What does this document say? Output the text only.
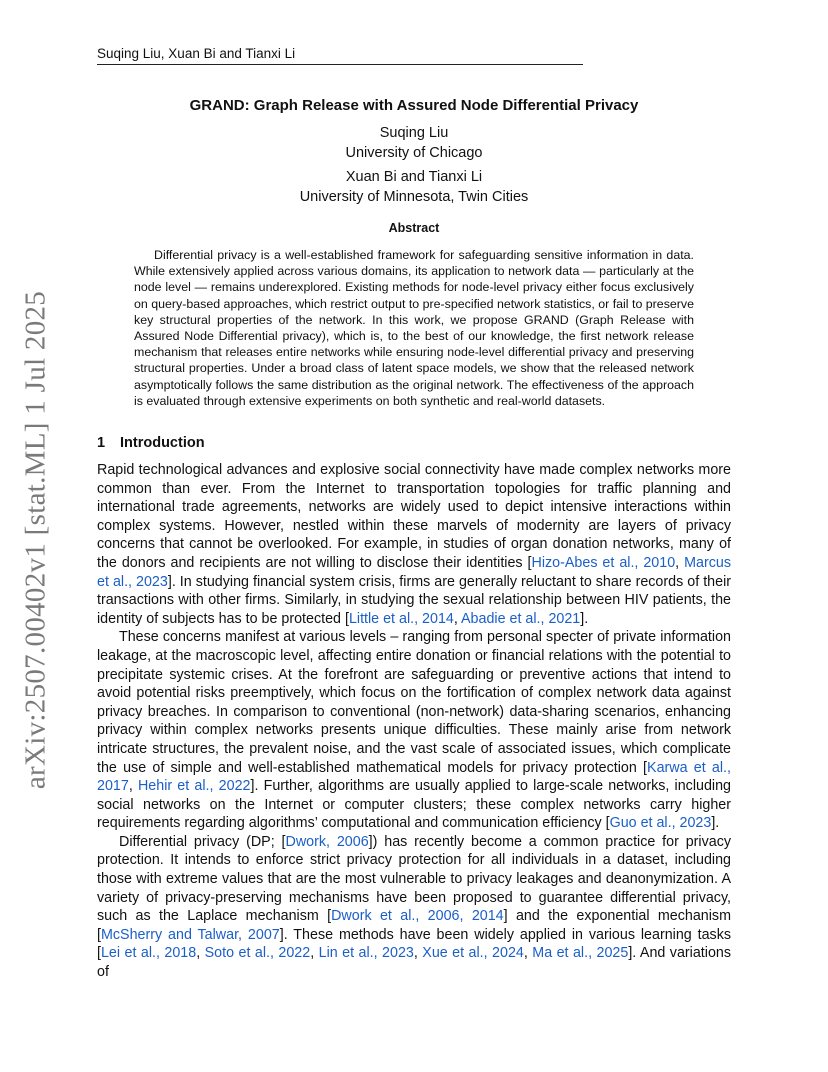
Suqing Liu, Xuan Bi and Tianxi Li
arXiv:2507.00402v1 [stat.ML] 1 Jul 2025
GRAND: Graph Release with Assured Node Differential Privacy
Suqing Liu
University of Chicago
Xuan Bi and Tianxi Li
University of Minnesota, Twin Cities
Abstract

Differential privacy is a well-established framework for safeguarding sensitive information in data. While extensively applied across various domains, its application to network data — particularly at the node level — remains underexplored. Existing methods for node-level privacy either focus exclusively on query-based approaches, which restrict output to pre-specified network statistics, or fail to preserve key structural properties of the network. In this work, we propose GRAND (Graph Release with Assured Node Differential privacy), which is, to the best of our knowledge, the first network release mechanism that releases entire networks while ensuring node-level differential privacy and preserving structural properties. Under a broad class of latent space models, we show that the released network asymptotically follows the same distribution as the original network. The effectiveness of the approach is evaluated through extensive experiments on both synthetic and real-world datasets.

1 Introduction

Rapid technological advances and explosive social connectivity have made complex networks more common than ever. From the Internet to transportation topologies for traffic planning and international trade agreements, networks are widely used to depict intensive interactions within complex systems. However, nestled within these marvels of modernity are layers of privacy concerns that cannot be overlooked. For example, in studies of organ donation networks, many of the donors and recipients are not willing to disclose their identities [Hizo-Abes et al., 2010, Marcus et al., 2023]. In studying financial system crisis, firms are generally reluctant to share records of their transactions with other firms. Similarly, in studying the sexual relationship between HIV patients, the identity of subjects has to be protected [Little et al., 2014, Abadie et al., 2021].

These concerns manifest at various levels – ranging from personal specter of private information leakage, at the macroscopic level, affecting entire donation or financial relations with the potential to precipitate systemic crises. At the forefront are safeguarding or preventive actions that intend to avoid potential risks preemptively, which focus on the fortification of complex network data against privacy breaches. In comparison to conventional (non-network) data-sharing scenarios, enhancing privacy within complex networks presents unique difficulties. These mainly arise from network intricate structures, the prevalent noise, and the vast scale of associated issues, which complicate the use of simple and well-established mathematical models for privacy protection [Karwa et al., 2017, Hehir et al., 2022]. Further, algorithms are usually applied to large-scale networks, including social networks on the Internet or computer clusters; these complex networks carry higher requirements regarding algorithms’ computational and communication efficiency [Guo et al., 2023].

Differential privacy (DP; [Dwork, 2006]) has recently become a common practice for privacy protection. It intends to enforce strict privacy protection for all individuals in a dataset, including those with extreme values that are the most vulnerable to privacy leakages and deanonymization. A variety of privacy-preserving mechanisms have been proposed to guarantee differential privacy, such as the Laplace mechanism [Dwork et al., 2006, 2014] and the exponential mechanism [McSherry and Talwar, 2007]. These methods have been widely applied in various learning tasks [Lei et al., 2018, Soto et al., 2022, Lin et al., 2023, Xue et al., 2024, Ma et al., 2025]. And variations of
